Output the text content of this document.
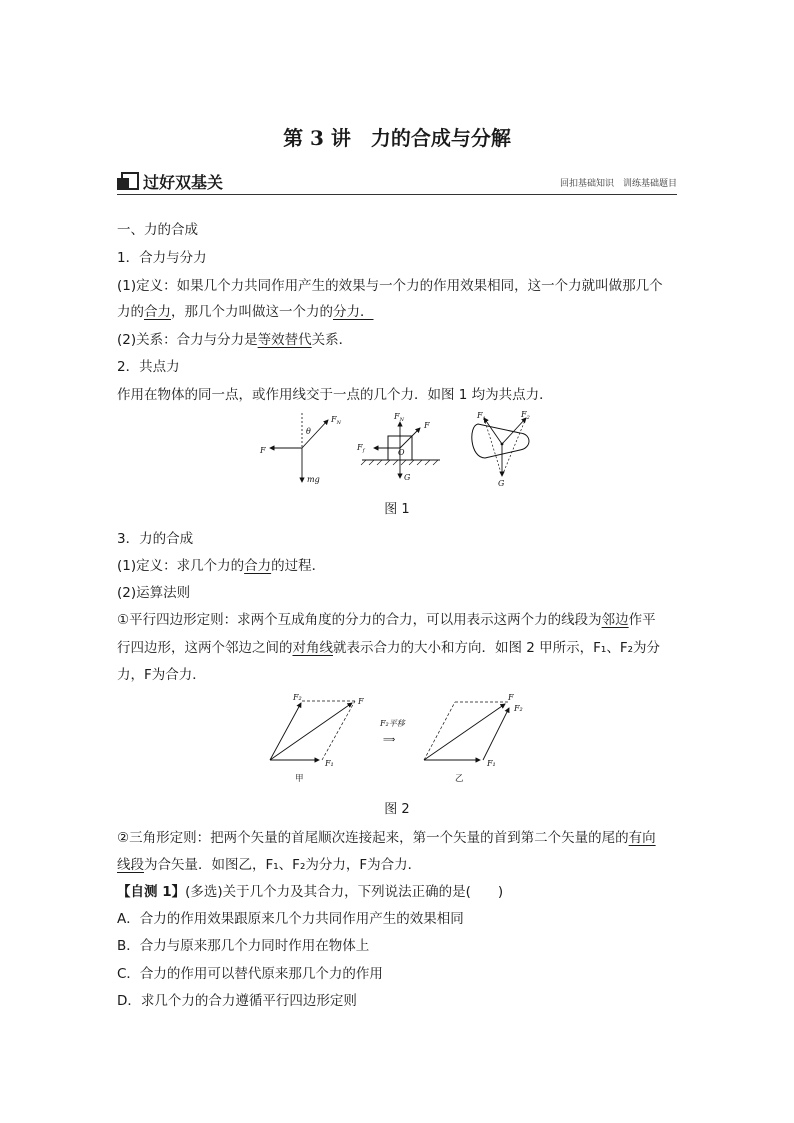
第 3 讲　力的合成与分解
过好双基关	回扣基础知识　训练基础题目
一、力的合成
1．合力与分力
(1)定义：如果几个力共同作用产生的效果与一个力的作用效果相同，这一个力就叫做那几个
力的合力，那几个力叫做这一个力的分力．
(2)关系：合力与分力是等效替代关系．
2．共点力
作用在物体的同一点，或作用线交于一点的几个力．如图 1 均为共点力．
$F_N$
θ
F
mg
$F_N$
F
$F_f$	O
G
$F_1$	$F_2$
G
图 1
3．力的合成
(1)定义：求几个力的合力的过程．
(2)运算法则
①平行四边形定则：求两个互成角度的分力的合力，可以用表示这两个力的线段为邻边作平
行四边形，这两个邻边之间的对角线就表示合力的大小和方向．如图 2 甲所示，F₁、F₂为分
力，F为合力．
F₂	F
F₁
甲
F₂平移
⟹
F
F₂
F₁
乙
图 2
②三角形定则：把两个矢量的首尾顺次连接起来，第一个矢量的首到第二个矢量的尾的有向
线段为合矢量．如图乙，F₁、F₂为分力，F为合力．
【自测 1】(多选)关于几个力及其合力，下列说法正确的是(　　)
A．合力的作用效果跟原来几个力共同作用产生的效果相同
B．合力与原来那几个力同时作用在物体上
C．合力的作用可以替代原来那几个力的作用
D．求几个力的合力遵循平行四边形定则
